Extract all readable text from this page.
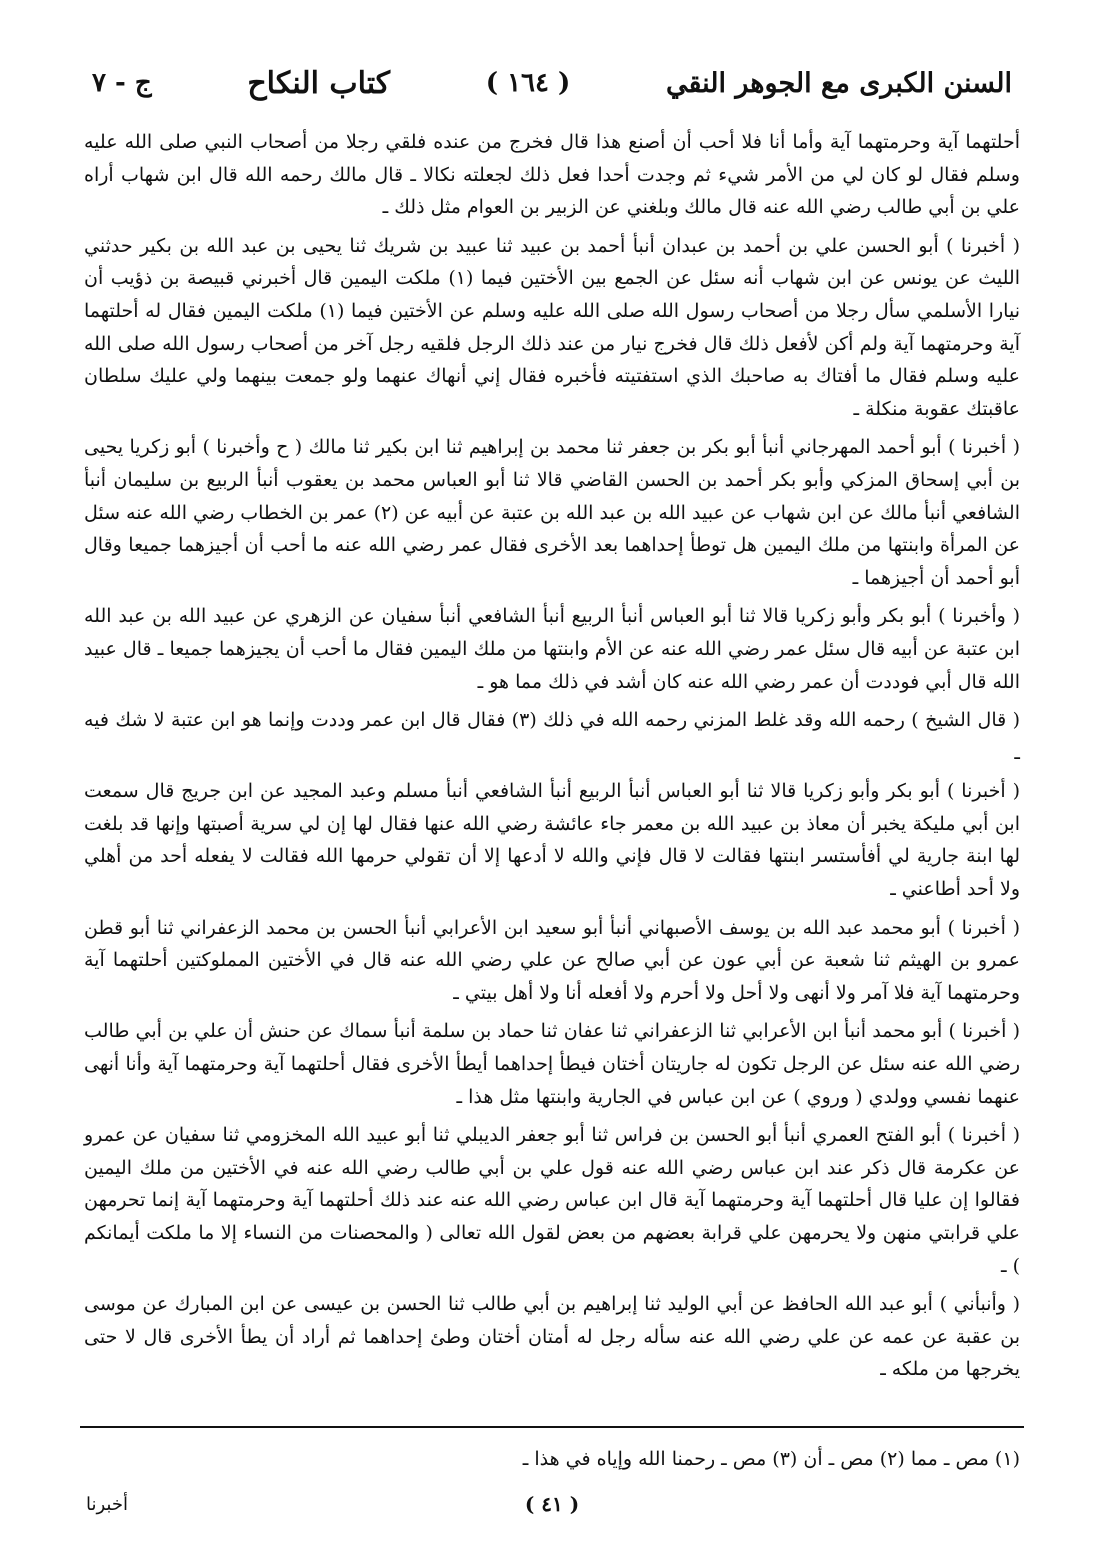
السنن الكبرى مع الجوهر النقي
( ١٦٤ )
كتاب النكاح
ج - ٧

أحلتهما آية وحرمتهما آية وأما أنا فلا أحب أن أصنع هذا قال فخرج من عنده فلقي رجلا من أصحاب النبي صلى الله عليه وسلم فقال لو كان لي من الأمر شيء ثم وجدت أحدا فعل ذلك لجعلته نكالا ـ قال مالك رحمه الله قال ابن شهاب أراه علي بن أبي طالب رضي الله عنه قال مالك وبلغني عن الزبير بن العوام مثل ذلك ـ

( أخبرنا ) أبو الحسن علي بن أحمد بن عبدان أنبأ أحمد بن عبيد ثنا عبيد بن شريك ثنا يحيى بن عبد الله بن بكير حدثني الليث عن يونس عن ابن شهاب أنه سئل عن الجمع بين الأختين فيما (١) ملكت اليمين قال أخبرني قبيصة بن ذؤيب أن نيارا الأسلمي سأل رجلا من أصحاب رسول الله صلى الله عليه وسلم عن الأختين فيما (١) ملكت اليمين فقال له أحلتهما آية وحرمتهما آية ولم أكن لأفعل ذلك قال فخرج نيار من عند ذلك الرجل فلقيه رجل آخر من أصحاب رسول الله صلى الله عليه وسلم فقال ما أفتاك به صاحبك الذي استفتيته فأخبره فقال إني أنهاك عنهما ولو جمعت بينهما ولي عليك سلطان عاقبتك عقوبة منكلة ـ

( أخبرنا ) أبو أحمد المهرجاني أنبأ أبو بكر بن جعفر ثنا محمد بن إبراهيم ثنا ابن بكير ثنا مالك ( ح وأخبرنا ) أبو زكريا يحيى بن أبي إسحاق المزكي وأبو بكر أحمد بن الحسن القاضي قالا ثنا أبو العباس محمد بن يعقوب أنبأ الربيع بن سليمان أنبأ الشافعي أنبأ مالك عن ابن شهاب عن عبيد الله بن عبد الله بن عتبة عن أبيه عن (٢) عمر بن الخطاب رضي الله عنه سئل عن المرأة وابنتها من ملك اليمين هل توطأ إحداهما بعد الأخرى فقال عمر رضي الله عنه ما أحب أن أجيزهما جميعا وقال أبو أحمد أن أجيزهما ـ

( وأخبرنا ) أبو بكر وأبو زكريا قالا ثنا أبو العباس أنبأ الربيع أنبأ الشافعي أنبأ سفيان عن الزهري عن عبيد الله بن عبد الله ابن عتبة عن أبيه قال سئل عمر رضي الله عنه عن الأم وابنتها من ملك اليمين فقال ما أحب أن يجيزهما جميعا ـ قال عبيد الله قال أبي فوددت أن عمر رضي الله عنه كان أشد في ذلك مما هو ـ

( قال الشيخ ) رحمه الله وقد غلط المزني رحمه الله في ذلك (٣) فقال قال ابن عمر وددت وإنما هو ابن عتبة لا شك فيه ـ

( أخبرنا ) أبو بكر وأبو زكريا قالا ثنا أبو العباس أنبأ الربيع أنبأ الشافعي أنبأ مسلم وعبد المجيد عن ابن جريج قال سمعت ابن أبي مليكة يخبر أن معاذ بن عبيد الله بن معمر جاء عائشة رضي الله عنها فقال لها إن لي سرية أصبتها وإنها قد بلغت لها ابنة جارية لي أفأستسر ابنتها فقالت لا قال فإني والله لا أدعها إلا أن تقولي حرمها الله فقالت لا يفعله أحد من أهلي ولا أحد أطاعني ـ

( أخبرنا ) أبو محمد عبد الله بن يوسف الأصبهاني أنبأ أبو سعيد ابن الأعرابي أنبأ الحسن بن محمد الزعفراني ثنا أبو قطن عمرو بن الهيثم ثنا شعبة عن أبي عون عن أبي صالح عن علي رضي الله عنه قال في الأختين المملوكتين أحلتهما آية وحرمتهما آية فلا آمر ولا أنهى ولا أحل ولا أحرم ولا أفعله أنا ولا أهل بيتي ـ

( أخبرنا ) أبو محمد أنبأ ابن الأعرابي ثنا الزعفراني ثنا عفان ثنا حماد بن سلمة أنبأ سماك عن حنش أن علي بن أبي طالب رضي الله عنه سئل عن الرجل تكون له جاريتان أختان فيطأ إحداهما أيطأ الأخرى فقال أحلتهما آية وحرمتهما آية وأنا أنهى عنهما نفسي وولدي ( وروي ) عن ابن عباس في الجارية وابنتها مثل هذا ـ

( أخبرنا ) أبو الفتح العمري أنبأ أبو الحسن بن فراس ثنا أبو جعفر الديبلي ثنا أبو عبيد الله المخزومي ثنا سفيان عن عمرو عن عكرمة قال ذكر عند ابن عباس رضي الله عنه قول علي بن أبي طالب رضي الله عنه في الأختين من ملك اليمين فقالوا إن عليا قال أحلتهما آية وحرمتهما آية قال ابن عباس رضي الله عنه عند ذلك أحلتهما آية وحرمتهما آية إنما تحرمهن علي قرابتي منهن ولا يحرمهن علي قرابة بعضهم من بعض لقول الله تعالى ( والمحصنات من النساء إلا ما ملكت أيمانكم ) ـ

( وأنبأني ) أبو عبد الله الحافظ عن أبي الوليد ثنا إبراهيم بن أبي طالب ثنا الحسن بن عيسى عن ابن المبارك عن موسى بن عقبة عن عمه عن علي رضي الله عنه سأله رجل له أمتان أختان وطئ إحداهما ثم أراد أن يطأ الأخرى قال لا حتى يخرجها من ملكه ـ

(١) مص ـ مما (٢) مص ـ أن (٣) مص ـ رحمنا الله وإياه في هذا ـ
أخبرنا	( ٤١ )
